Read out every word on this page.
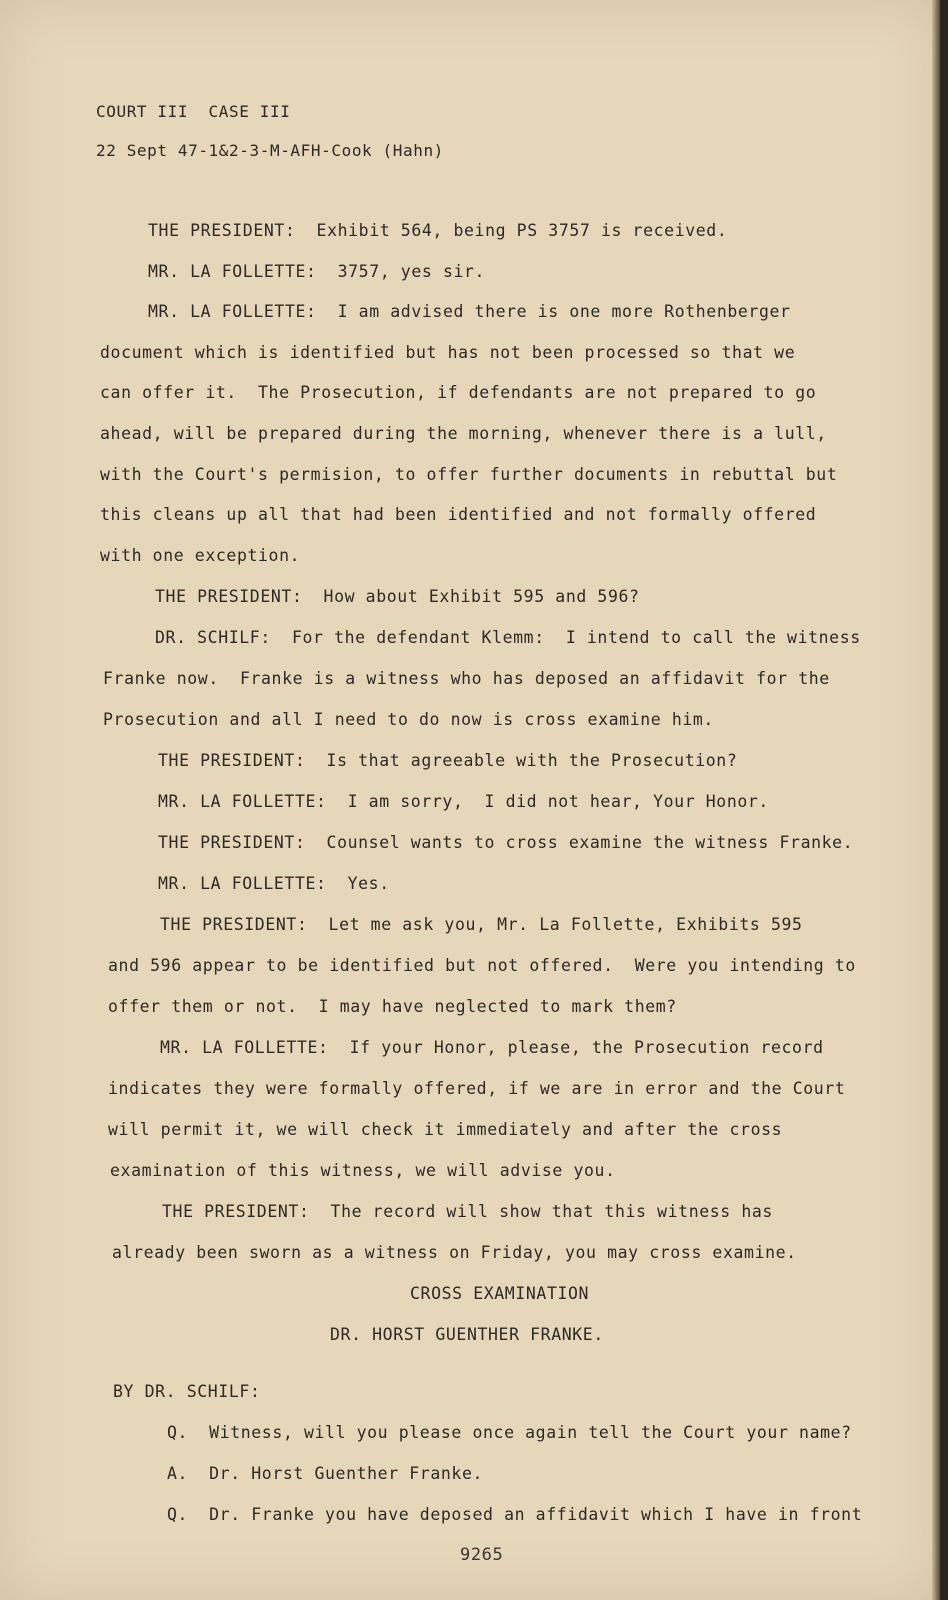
COURT III  CASE III
22 Sept 47-1&2-3-M-AFH-Cook (Hahn)
THE PRESIDENT:  Exhibit 564, being PS 3757 is received.
MR. LA FOLLETTE:  3757, yes sir.
MR. LA FOLLETTE:  I am advised there is one more Rothenberger
document which is identified but has not been processed so that we
can offer it.  The Prosecution, if defendants are not prepared to go
ahead, will be prepared during the morning, whenever there is a lull,
with the Court's permision, to offer further documents in rebuttal but
this cleans up all that had been identified and not formally offered
with one exception.
THE PRESIDENT:  How about Exhibit 595 and 596?
DR. SCHILF:  For the defendant Klemm:  I intend to call the witness
Franke now.  Franke is a witness who has deposed an affidavit for the
Prosecution and all I need to do now is cross examine him.
THE PRESIDENT:  Is that agreeable with the Prosecution?
MR. LA FOLLETTE:  I am sorry,  I did not hear, Your Honor.
THE PRESIDENT:  Counsel wants to cross examine the witness Franke.
MR. LA FOLLETTE:  Yes.
THE PRESIDENT:  Let me ask you, Mr. La Follette, Exhibits 595
and 596 appear to be identified but not offered.  Were you intending to
offer them or not.  I may have neglected to mark them?
MR. LA FOLLETTE:  If your Honor, please, the Prosecution record
indicates they were formally offered, if we are in error and the Court
will permit it, we will check it immediately and after the cross
examination of this witness, we will advise you.
THE PRESIDENT:  The record will show that this witness has
already been sworn as a witness on Friday, you may cross examine.
CROSS EXAMINATION
DR. HORST GUENTHER FRANKE.
BY DR. SCHILF:
Q.  Witness, will you please once again tell the Court your name?
A.  Dr. Horst Guenther Franke.
Q.  Dr. Franke you have deposed an affidavit which I have in front
9265
